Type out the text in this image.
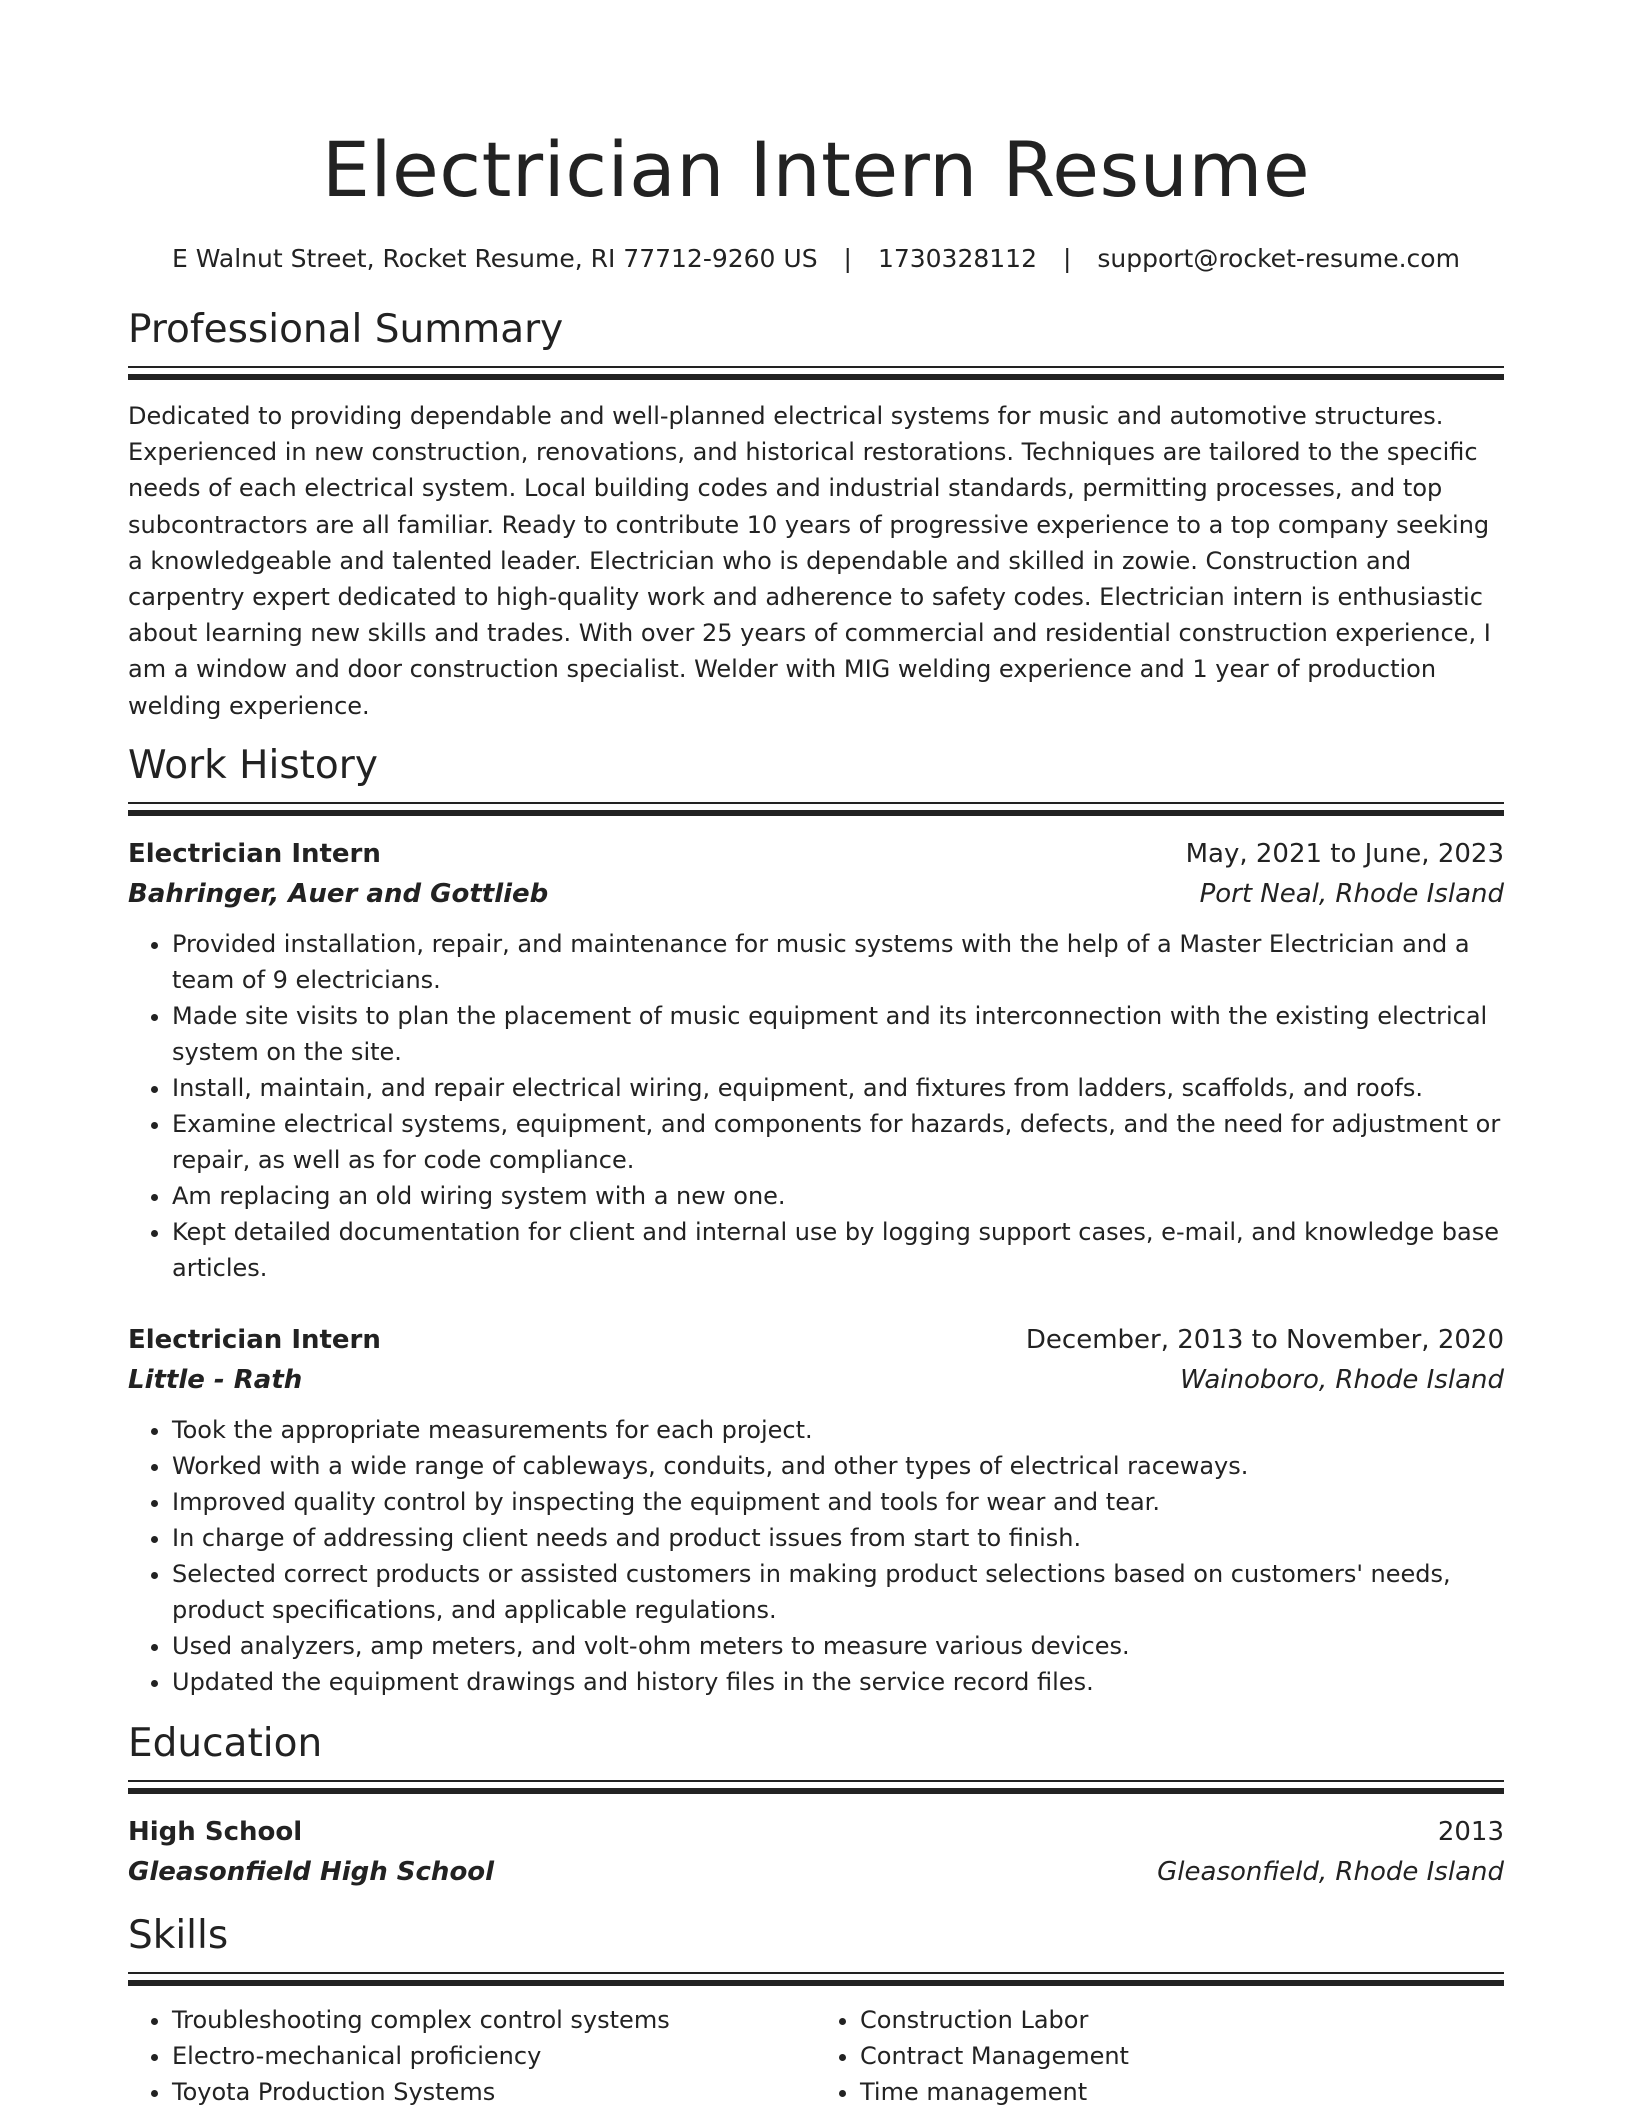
Electrician Intern Resume
E Walnut Street, Rocket Resume, RI 77712-9260 US | 1730328112 | support@rocket-resume.com
Professional Summary

Dedicated to providing dependable and well-planned electrical systems for music and automotive structures. Experienced in new construction, renovations, and historical restorations. Techniques are tailored to the specific needs of each electrical system. Local building codes and industrial standards, permitting processes, and top subcontractors are all familiar. Ready to contribute 10 years of progressive experience to a top company seeking a knowledgeable and talented leader. Electrician who is dependable and skilled in zowie. Construction and carpentry expert dedicated to high-quality work and adherence to safety codes. Electrician intern is enthusiastic about learning new skills and trades. With over 25 years of commercial and residential construction experience, I am a window and door construction specialist. Welder with MIG welding experience and 1 year of production welding experience.

Work History
Electrician Intern	May, 2021 to June, 2023
Bahringer, Auer and Gottlieb	Port Neal, Rhode Island
• Provided installation, repair, and maintenance for music systems with the help of a Master Electrician and a team of 9 electricians.
• Made site visits to plan the placement of music equipment and its interconnection with the existing electrical system on the site.
• Install, maintain, and repair electrical wiring, equipment, and fixtures from ladders, scaffolds, and roofs.
• Examine electrical systems, equipment, and components for hazards, defects, and the need for adjustment or repair, as well as for code compliance.
• Am replacing an old wiring system with a new one.
• Kept detailed documentation for client and internal use by logging support cases, e-mail, and knowledge base articles.
Electrician Intern	December, 2013 to November, 2020
Little - Rath	Wainoboro, Rhode Island
• Took the appropriate measurements for each project.
• Worked with a wide range of cableways, conduits, and other types of electrical raceways.
• Improved quality control by inspecting the equipment and tools for wear and tear.
• In charge of addressing client needs and product issues from start to finish.
• Selected correct products or assisted customers in making product selections based on customers' needs, product specifications, and applicable regulations.
• Used analyzers, amp meters, and volt-ohm meters to measure various devices.
• Updated the equipment drawings and history files in the service record files.
Education
High School	2013
Gleasonfield High School	Gleasonfield, Rhode Island
Skills
• Troubleshooting complex control systems
• Electro-mechanical proficiency
• Toyota Production Systems
• Construction Labor
• Contract Management
• Time management
